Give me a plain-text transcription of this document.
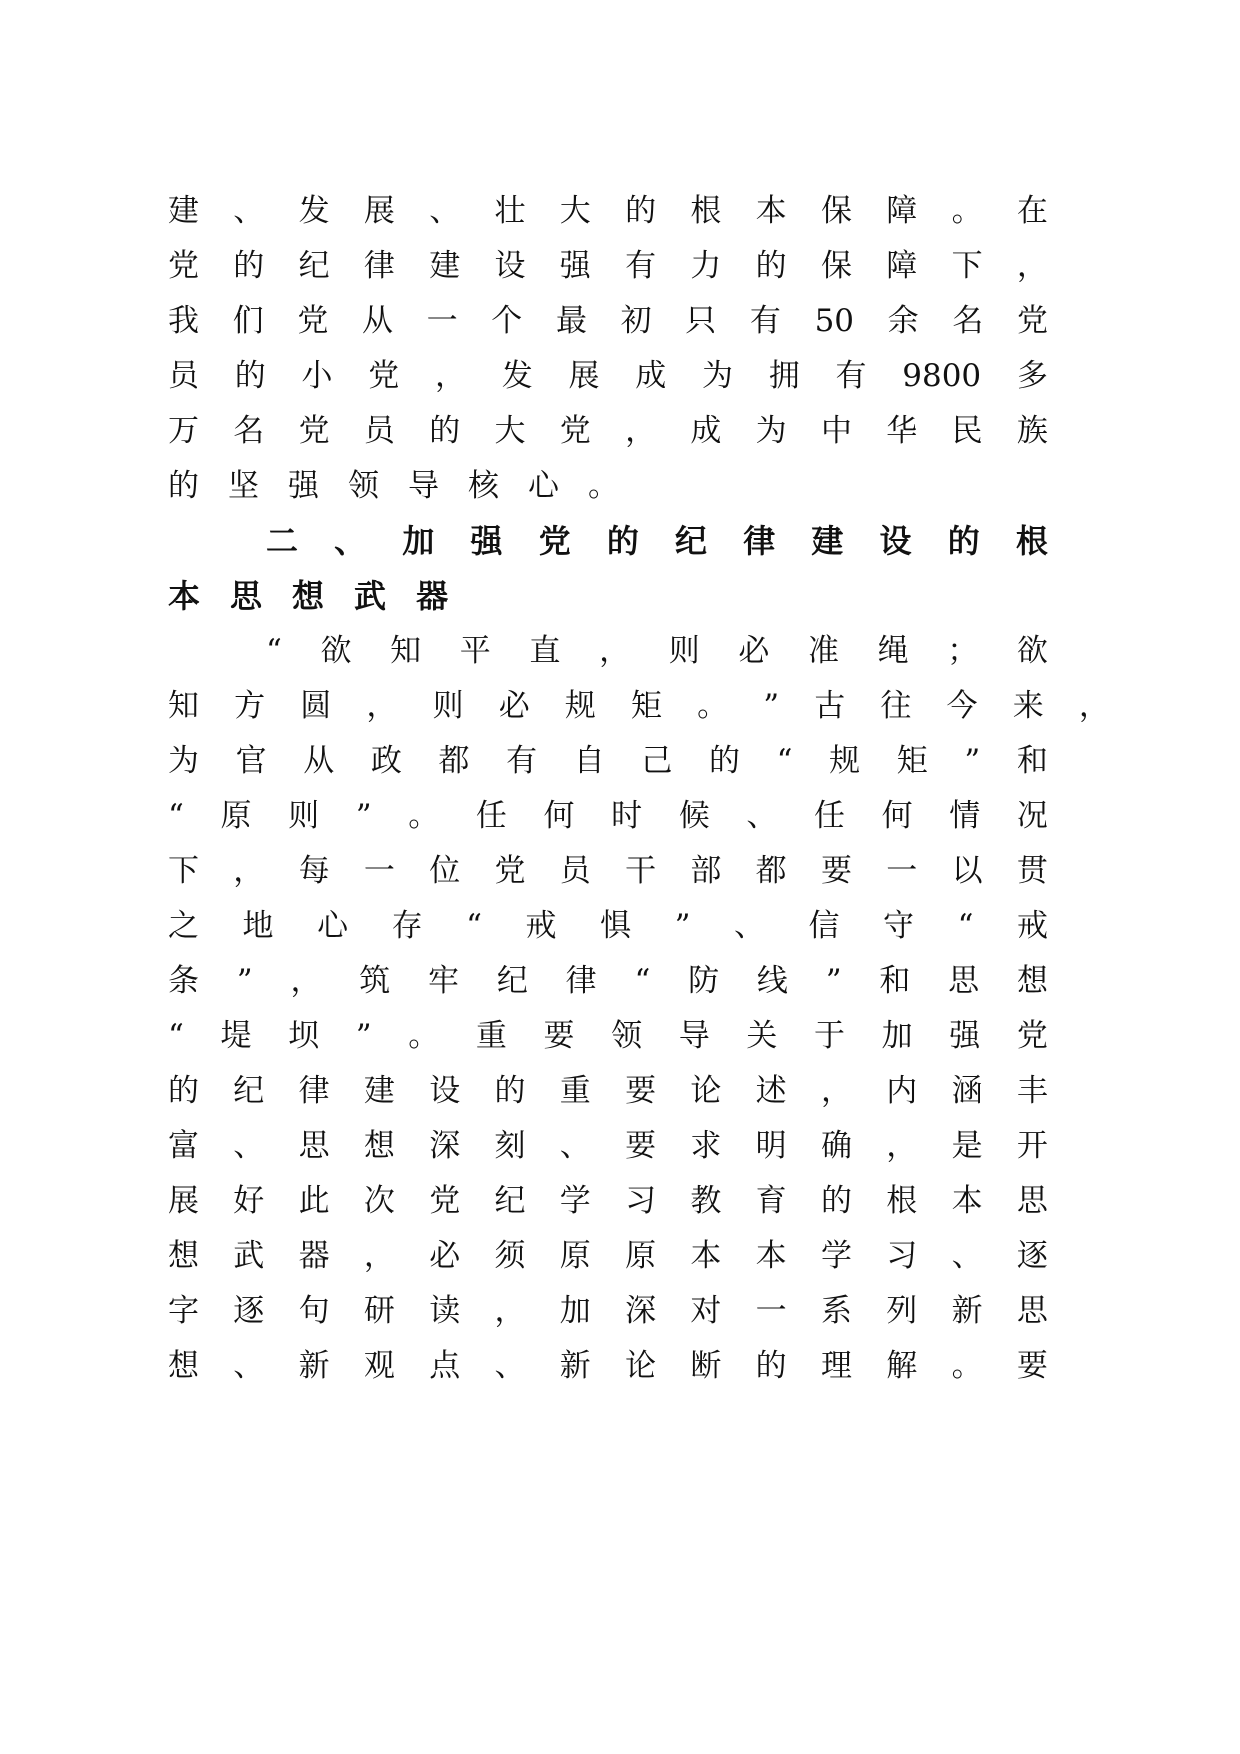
建 、 发 展 、 壮 大 的 根 本 保 障 。 在
党 的 纪 律 建 设 强 有 力 的 保 障 下 ，
我 们 党 从 一 个 最 初 只 有 50 余 名 党
员 的 小 党 ， 发 展 成 为 拥 有 9800 多
万 名 党 员 的 大 党 ， 成 为 中 华 民 族
的 坚 强 领 导 核 心 。
二 、 加 强 党 的 纪 律 建 设 的 根
本 思 想 武 器
“ 欲 知 平 直 ， 则 必 准 绳 ； 欲
知 方 圆 ， 则 必 规 矩 。 ” 古 往 今 来 ，
为 官 从 政 都 有 自 己 的 “ 规 矩 ” 和
“ 原 则 ” 。 任 何 时 候 、 任 何 情 况
下 ， 每 一 位 党 员 干 部 都 要 一 以 贯
之 地 心 存 “ 戒 惧 ” 、 信 守 “ 戒
条 ” ， 筑 牢 纪 律 “ 防 线 ” 和 思 想
“ 堤 坝 ” 。 重 要 领 导 关 于 加 强 党
的 纪 律 建 设 的 重 要 论 述 ， 内 涵 丰
富 、 思 想 深 刻 、 要 求 明 确 ， 是 开
展 好 此 次 党 纪 学 习 教 育 的 根 本 思
想 武 器 ， 必 须 原 原 本 本 学 习 、 逐
字 逐 句 研 读 ， 加 深 对 一 系 列 新 思
想 、 新 观 点 、 新 论 断 的 理 解 。 要
